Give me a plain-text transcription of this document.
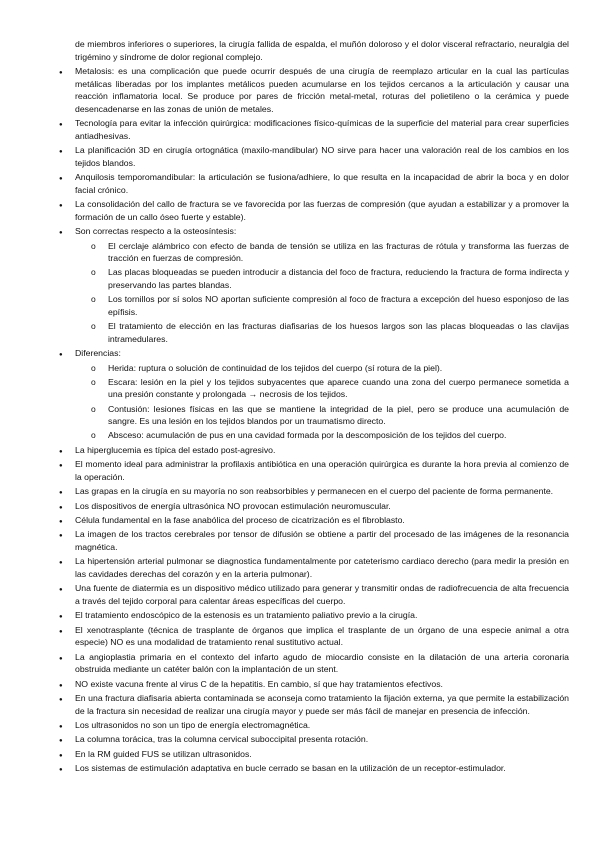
de miembros inferiores o superiores, la cirugía fallida de espalda, el muñón doloroso y el dolor visceral refractario, neuralgia del trigémino y síndrome de dolor regional complejo.
● Metalosis: es una complicación que puede ocurrir después de una cirugía de reemplazo articular en la cual las partículas metálicas liberadas por los implantes metálicos pueden acumularse en los tejidos cercanos a la articulación y causar una reacción inflamatoria local. Se produce por pares de fricción metal-metal, roturas del polietileno o la cerámica y puede desencadenarse en las zonas de unión de metales.
● Tecnología para evitar la infección quirúrgica: modificaciones físico-químicas de la superficie del material para crear superficies antiadhesivas.
● La planificación 3D en cirugía ortognática (maxilo-mandibular) NO sirve para hacer una valoración real de los cambios en los tejidos blandos.
● Anquilosis temporomandibular: la articulación se fusiona/adhiere, lo que resulta en la incapacidad de abrir la boca y en dolor facial crónico.
● La consolidación del callo de fractura se ve favorecida por las fuerzas de compresión (que ayudan a estabilizar y a promover la formación de un callo óseo fuerte y estable).
● Son correctas respecto a la osteosíntesis:
o El cerclaje alámbrico con efecto de banda de tensión se utiliza en las fracturas de rótula y transforma las fuerzas de tracción en fuerzas de compresión.
o Las placas bloqueadas se pueden introducir a distancia del foco de fractura, reduciendo la fractura de forma indirecta y preservando las partes blandas.
o Los tornillos por sí solos NO aportan suficiente compresión al foco de fractura a excepción del hueso esponjoso de las epífisis.
o El tratamiento de elección en las fracturas diafisarias de los huesos largos son las placas bloqueadas o las clavijas intramedulares.
● Diferencias:
o Herida: ruptura o solución de continuidad de los tejidos del cuerpo (sí rotura de la piel).
o Escara: lesión en la piel y los tejidos subyacentes que aparece cuando una zona del cuerpo permanece sometida a una presión constante y prolongada → necrosis de los tejidos.
o Contusión: lesiones físicas en las que se mantiene la integridad de la piel, pero se produce una acumulación de sangre. Es una lesión en los tejidos blandos por un traumatismo directo.
o Absceso: acumulación de pus en una cavidad formada por la descomposición de los tejidos del cuerpo.
● La hiperglucemia es típica del estado post-agresivo.
● El momento ideal para administrar la profilaxis antibiótica en una operación quirúrgica es durante la hora previa al comienzo de la operación.
● Las grapas en la cirugía en su mayoría no son reabsorbibles y permanecen en el cuerpo del paciente de forma permanente.
● Los dispositivos de energía ultrasónica NO provocan estimulación neuromuscular.
● Célula fundamental en la fase anabólica del proceso de cicatrización es el fibroblasto.
● La imagen de los tractos cerebrales por tensor de difusión se obtiene a partir del procesado de las imágenes de la resonancia magnética.
● La hipertensión arterial pulmonar se diagnostica fundamentalmente por cateterismo cardiaco derecho (para medir la presión en las cavidades derechas del corazón y en la arteria pulmonar).
● Una fuente de diatermia es un dispositivo médico utilizado para generar y transmitir ondas de radiofrecuencia de alta frecuencia a través del tejido corporal para calentar áreas específicas del cuerpo.
● El tratamiento endoscópico de la estenosis es un tratamiento paliativo previo a la cirugía.
● El xenotrasplante (técnica de trasplante de órganos que implica el trasplante de un órgano de una especie animal a otra especie) NO es una modalidad de tratamiento renal sustitutivo actual.
● La angioplastia primaria en el contexto del infarto agudo de miocardio consiste en la dilatación de una arteria coronaria obstruida mediante un catéter balón con la implantación de un stent.
● NO existe vacuna frente al virus C de la hepatitis. En cambio, sí que hay tratamientos efectivos.
● En una fractura diafisaria abierta contaminada se aconseja como tratamiento la fijación externa, ya que permite la estabilización de la fractura sin necesidad de realizar una cirugía mayor y puede ser más fácil de manejar en presencia de infección.
● Los ultrasonidos no son un tipo de energía electromagnética.
● La columna torácica, tras la columna cervical suboccipital presenta rotación.
● En la RM guided FUS se utilizan ultrasonidos.
● Los sistemas de estimulación adaptativa en bucle cerrado se basan en la utilización de un receptor-estimulador.
